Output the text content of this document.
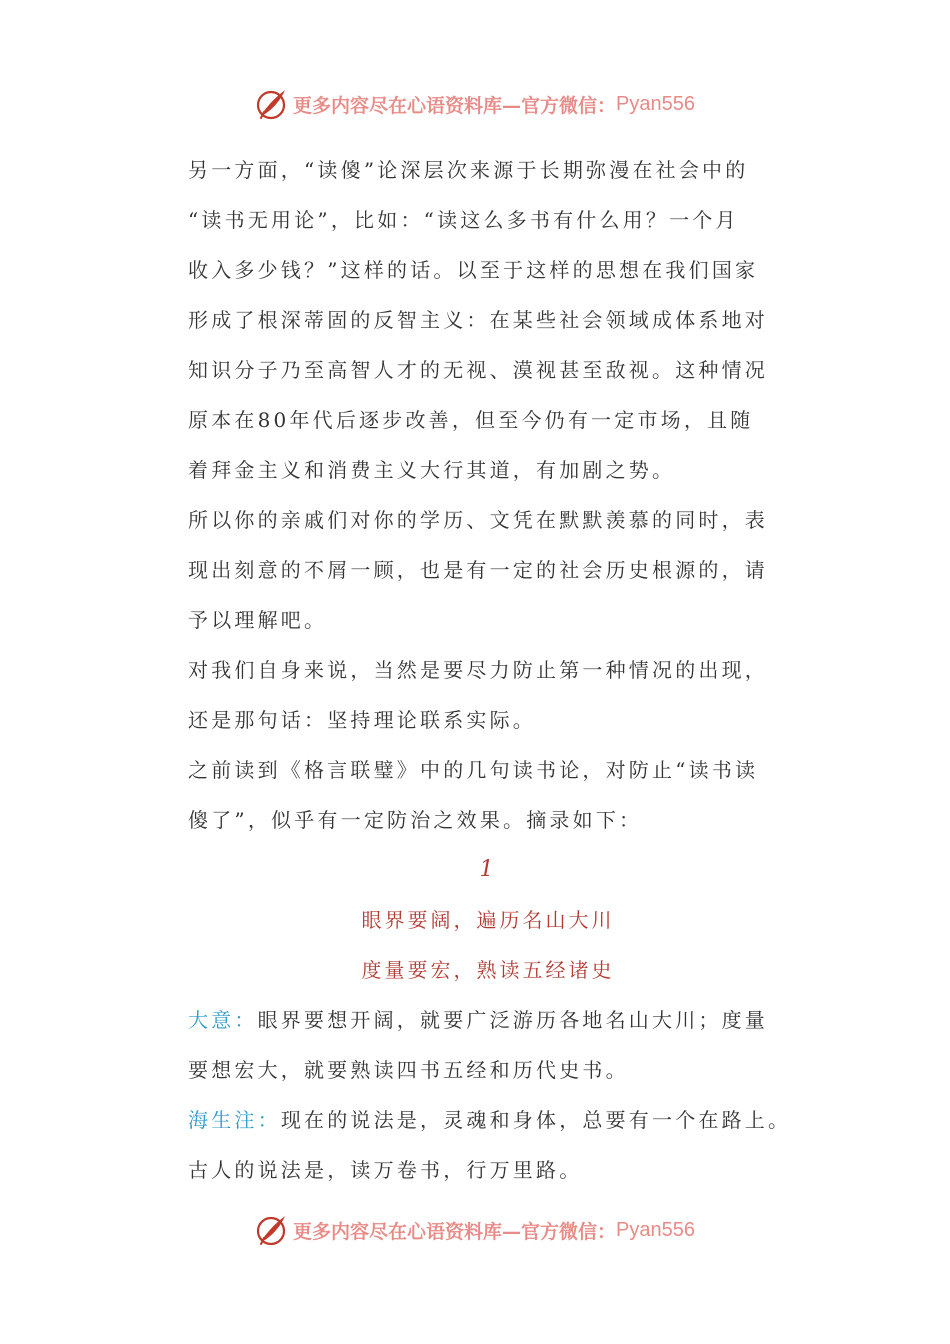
更多内容尽在心语资料库—官方微信： Pyan556
另一方面，“读傻”论深层次来源于长期弥漫在社会中的
“读书无用论”，比如：“读这么多书有什么用？一个月
收入多少钱？”这样的话。以至于这样的思想在我们国家
形成了根深蒂固的反智主义：在某些社会领域成体系地对
知识分子乃至高智人才的无视、漠视甚至敌视。这种情况
原本在80年代后逐步改善，但至今仍有一定市场，且随
着拜金主义和消费主义大行其道，有加剧之势。
所以你的亲戚们对你的学历、文凭在默默羡慕的同时，表
现出刻意的不屑一顾，也是有一定的社会历史根源的，请
予以理解吧。
对我们自身来说，当然是要尽力防止第一种情况的出现，
还是那句话：坚持理论联系实际。
之前读到《格言联璧》中的几句读书论，对防止“读书读
傻了”，似乎有一定防治之效果。摘录如下：
1
眼界要阔，遍历名山大川
度量要宏，熟读五经诸史
大意：眼界要想开阔，就要广泛游历各地名山大川；度量
要想宏大，就要熟读四书五经和历代史书。
海生注：现在的说法是，灵魂和身体，总要有一个在路上。
古人的说法是，读万卷书，行万里路。
更多内容尽在心语资料库—官方微信： Pyan556
